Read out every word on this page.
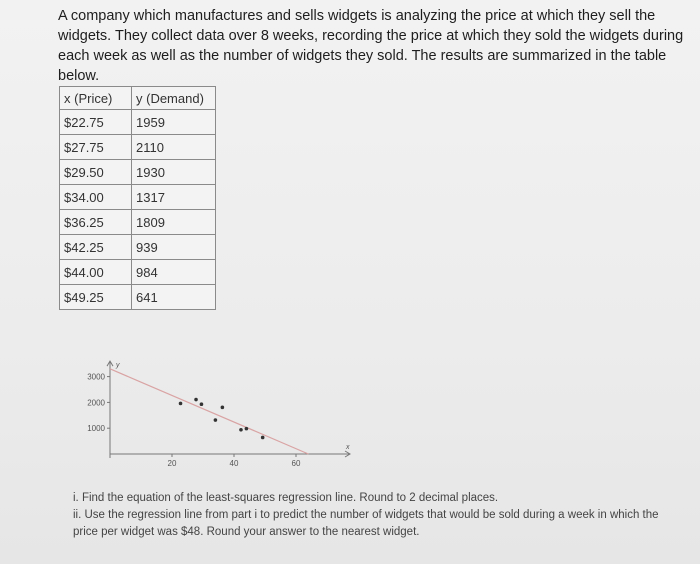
A company which manufactures and sells widgets is analyzing the price at which they sell the widgets. They collect data over 8 weeks, recording the price at which they sold the widgets during each week as well as the number of widgets they sold. The results are summarized in the table below.
x (Price)	y (Demand)
$22.75	1959
$27.75	2110
$29.50	1930
$34.00	1317
$36.25	1809
$42.25	939
$44.00	984
$49.25	641
y
x
20	40	60
1000
2000
3000

i. Find the equation of the least-squares regression line. Round to 2 decimal places.

ii. Use the regression line from part i to predict the number of widgets that would be sold during a week in which the price per widget was $48. Round your answer to the nearest widget.
